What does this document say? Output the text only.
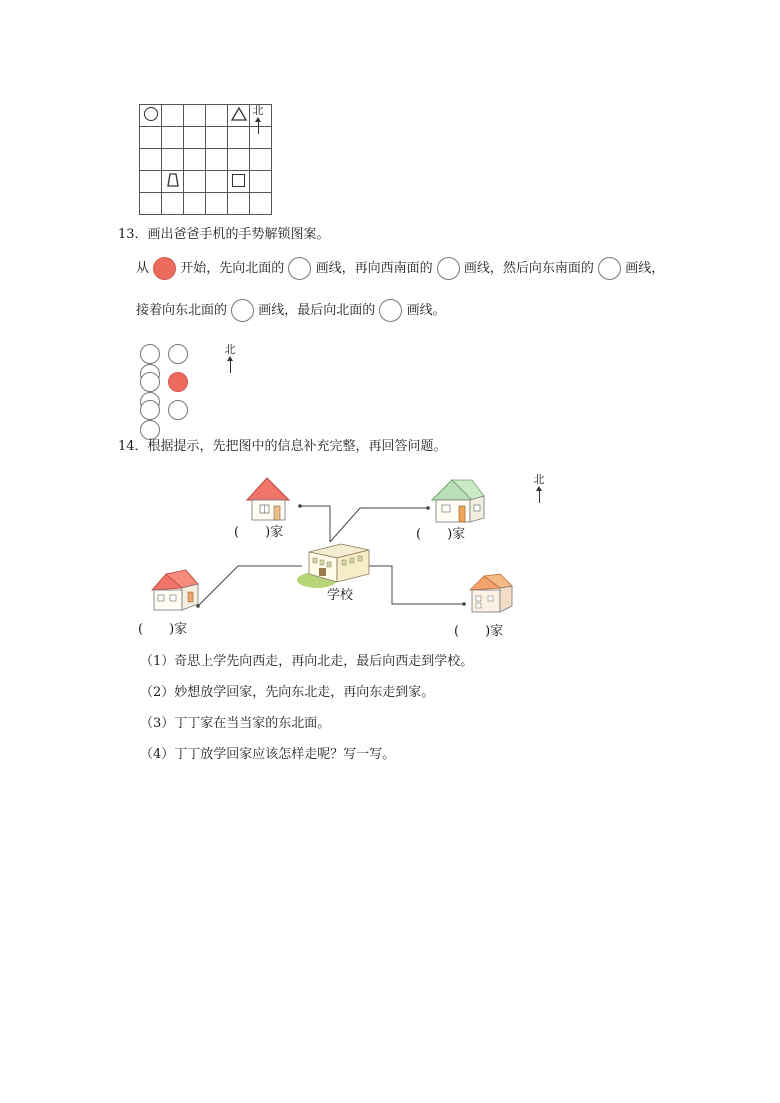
北
13．画出爸爸手机的手势解锁图案。
从 开始，先向北面的 画线，再向西南面的 画线，然后向东南面的 画线，
接着向东北面的 画线，最后向北面的 画线。
北
14．根据提示，先把图中的信息补充完整，再回答问题。
(　　)家	(　　)家
学校
(　　)家	(　　)家
北
（1）奇思上学先向西走，再向北走，最后向西走到学校。
（2）妙想放学回家，先向东北走，再向东走到家。
（3）丁丁家在当当家的东北面。
（4）丁丁放学回家应该怎样走呢？写一写。
